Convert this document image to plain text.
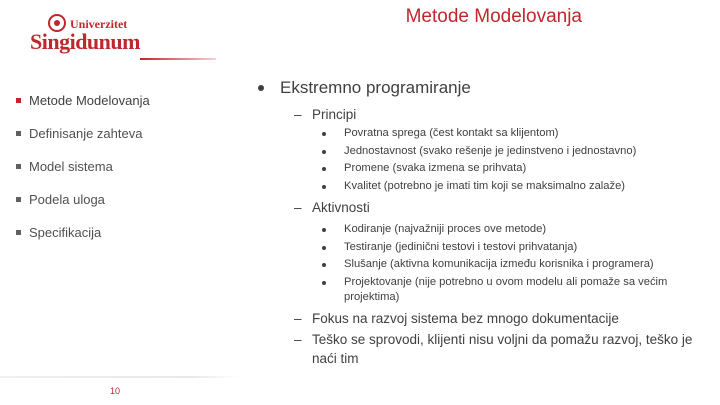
Metode Modelovanja
Univerzitet
Singidunum
Metode Modelovanja
Definisanje zahteva
Model sistema
Podela uloga
Specifikacija
Ekstremno programiranje
– Principi
Povratna sprega (čest kontakt sa klijentom)
Jednostavnost (svako rešenje je jedinstveno i jednostavno)
Promene (svaka izmena se prihvata)
Kvalitet (potrebno je imati tim koji se maksimalno zalaže)
– Aktivnosti
Kodiranje (najvažniji proces ove metode)
Testiranje (jedinični testovi i testovi prihvatanja)
Slušanje (aktivna komunikacija između korisnika i programera)
Projektovanje (nije potrebno u ovom modelu ali pomaže sa većim projektima)
– Fokus na razvoj sistema bez mnogo dokumentacije
– Teško se sprovodi, klijenti nisu voljni da pomažu razvoj, teško je naći tim
10
